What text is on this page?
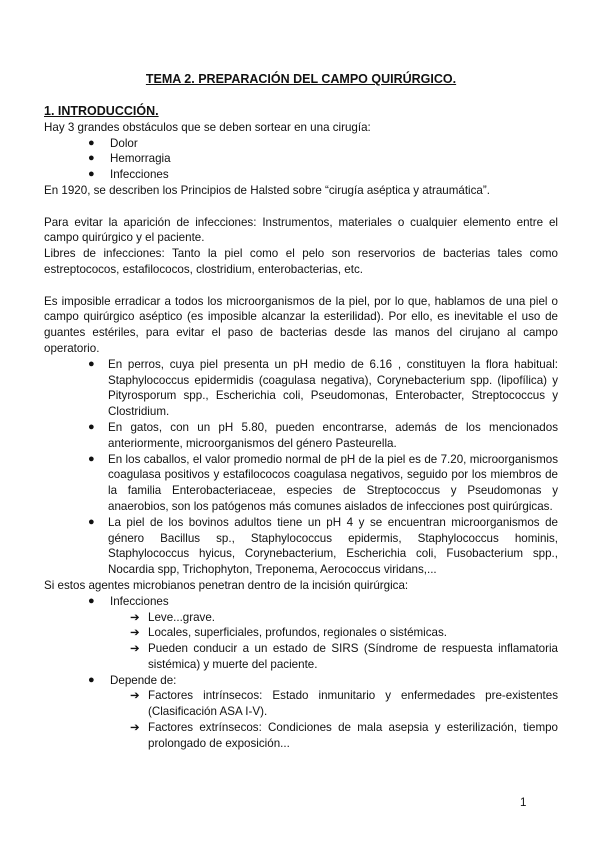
TEMA 2. PREPARACIÓN DEL CAMPO QUIRÚRGICO.

1. INTRODUCCIÓN.

Hay 3 grandes obstáculos que se deben sortear en una cirugía:

● Dolor
● Hemorragia
● Infecciones

En 1920, se describen los Principios de Halsted sobre “cirugía aséptica y atraumática”.

Para evitar la aparición de infecciones: Instrumentos, materiales o cualquier elemento entre el campo quirúrgico y el paciente.

Libres de infecciones: Tanto la piel como el pelo son reservorios de bacterias tales como estreptococos, estafilococos, clostridium, enterobacterias, etc.

Es imposible erradicar a todos los microorganismos de la piel, por lo que, hablamos de una piel o campo quirúrgico aséptico (es imposible alcanzar la esterilidad). Por ello, es inevitable el uso de guantes estériles, para evitar el paso de bacterias desde las manos del cirujano al campo operatorio.

● En perros, cuya piel presenta un pH medio de 6.16 , constituyen la flora habitual: Staphylococcus epidermidis (coagulasa negativa), Corynebacterium spp. (lipofílica) y Pityrosporum spp., Escherichia coli, Pseudomonas, Enterobacter, Streptococcus y Clostridium.
● En gatos, con un pH 5.80, pueden encontrarse, además de los mencionados anteriormente, microorganismos del género Pasteurella.
● En los caballos, el valor promedio normal de pH de la piel es de 7.20, microorganismos coagulasa positivos y estafilococos coagulasa negativos, seguido por los miembros de la familia Enterobacteriaceae, especies de Streptococcus y Pseudomonas y anaerobios, son los patógenos más comunes aislados de infecciones post quirúrgicas.
● La piel de los bovinos adultos tiene un pH 4 y se encuentran microorganismos de género Bacillus sp., Staphylococcus epidermis, Staphylococcus hominis, Staphylococcus hyicus, Corynebacterium, Escherichia coli, Fusobacterium spp., Nocardia spp, Trichophyton, Treponema, Aerococcus viridans,...

Si estos agentes microbianos penetran dentro de la incisión quirúrgica:

● Infecciones
➔ Leve...grave.
➔ Locales, superficiales, profundos, regionales o sistémicas.
➔ Pueden conducir a un estado de SIRS (Síndrome de respuesta inflamatoria sistémica) y muerte del paciente.
● Depende de:
➔ Factores intrínsecos: Estado inmunitario y enfermedades pre-existentes (Clasificación ASA I-V).
➔ Factores extrínsecos: Condiciones de mala asepsia y esterilización, tiempo prolongado de exposición...
1
